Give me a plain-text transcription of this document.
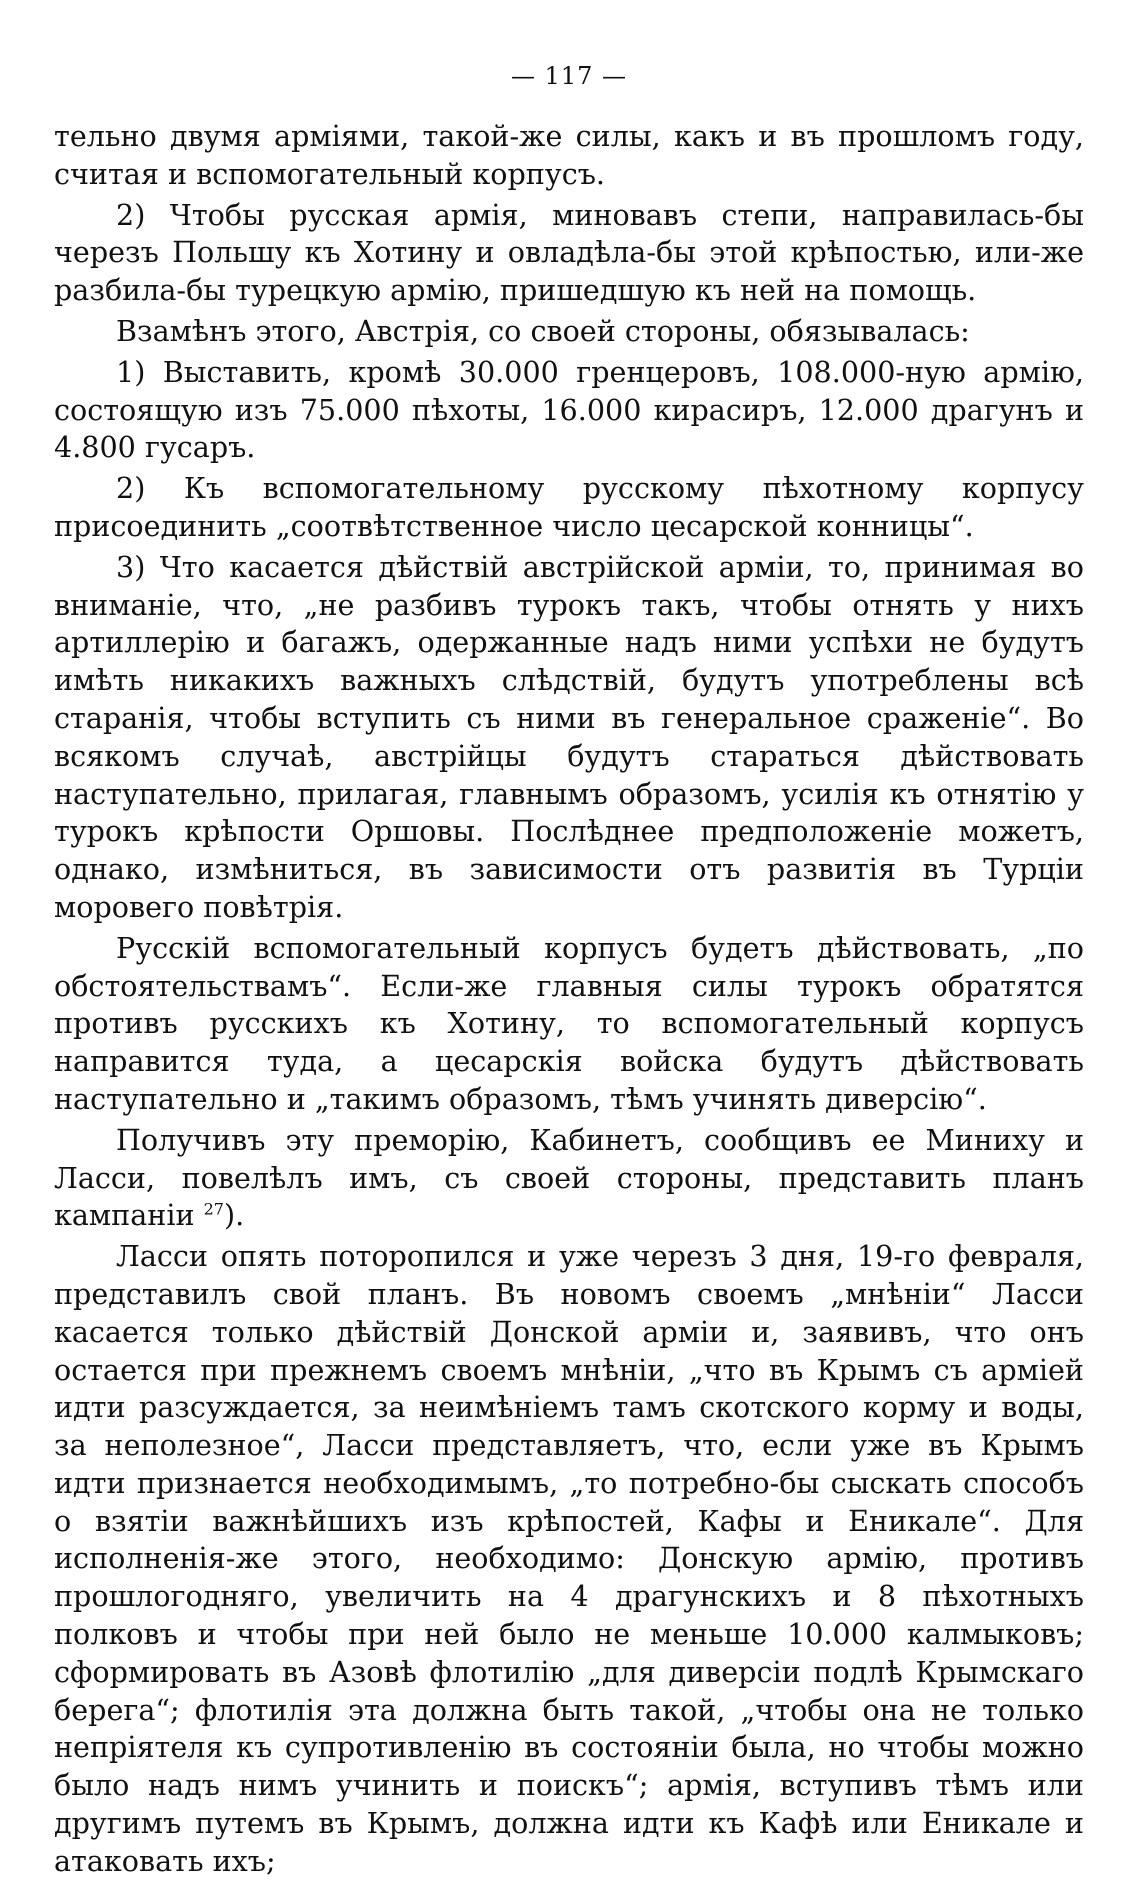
— 117 —

тельно двумя арміями, такой-же силы, какъ и въ прошломъ году, считая и вспомогательный корпусъ.

2) Чтобы русская армія, миновавъ степи, направилась-бы черезъ Польшу къ Хотину и овладѣла-бы этой крѣпостью, или-же разбила-бы турецкую армію, пришедшую къ ней на помощь.

Взамѣнъ этого, Австрія, со своей стороны, обязывалась:

1) Выставить, кромѣ 30.000 гренцеровъ, 108.000-ную армію, состоящую изъ 75.000 пѣхоты, 16.000 кирасиръ, 12.000 драгунъ и 4.800 гусаръ.

2) Къ вспомогательному русскому пѣхотному корпусу присоединить „соотвѣтственное число цесарской конницы“.

3) Что касается дѣйствій австрійской арміи, то, принимая во вниманіе, что, „не разбивъ турокъ такъ, чтобы отнять у нихъ артиллерію и багажъ, одержанные надъ ними успѣхи не будутъ имѣть никакихъ важныхъ слѣдствій, будутъ употреблены всѣ старанія, чтобы вступить съ ними въ генеральное сраженіе“. Во всякомъ случаѣ, австрійцы будутъ стараться дѣйствовать наступательно, прилагая, главнымъ образомъ, усилія къ отнятію у турокъ крѣпости Оршовы. Послѣднее предположеніе можетъ, однако, измѣниться, въ зависимости отъ развитія въ Турціи моровего повѣтрія.

Русскій вспомогательный корпусъ будетъ дѣйствовать, „по обстоятельствамъ“. Если-же главныя силы турокъ обратятся противъ русскихъ къ Хотину, то вспомогательный корпусъ направится туда, а цесарскія войска будутъ дѣйствовать наступательно и „такимъ образомъ, тѣмъ учинять диверсію“.

Получивъ эту преморію, Кабинетъ, сообщивъ ее Миниху и Ласси, повелѣлъ имъ, съ своей стороны, представить планъ кампаніи $^{27}$).

Ласси опять поторопился и уже черезъ 3 дня, 19-го февраля, представилъ свой планъ. Въ новомъ своемъ „мнѣніи“ Ласси касается только дѣйствій Донской арміи и, заявивъ, что онъ остается при прежнемъ своемъ мнѣніи, „что въ Крымъ съ арміей идти разсуждается, за неимѣніемъ тамъ скотского корму и воды, за неполезное“, Ласси представляетъ, что, если уже въ Крымъ идти признается необходимымъ, „то потребно-бы сыскать способъ о взятіи важнѣйшихъ изъ крѣпостей, Кафы и Еникале“. Для исполненія-же этого, необходимо: Донскую армію, противъ прошлогодняго, увеличить на 4 драгунскихъ и 8 пѣхотныхъ полковъ и чтобы при ней было не меньше 10.000 калмыковъ; сформировать въ Азовѣ флотилію „для диверсіи подлѣ Крымскаго берега“; флотилія эта должна быть такой, „чтобы она не только непріятеля къ супротивленію въ состояніи была, но чтобы можно было надъ нимъ учинить и поискъ“; армія, вступивъ тѣмъ или другимъ путемъ въ Крымъ, должна идти къ Кафѣ или Еникале и атаковать ихъ;
